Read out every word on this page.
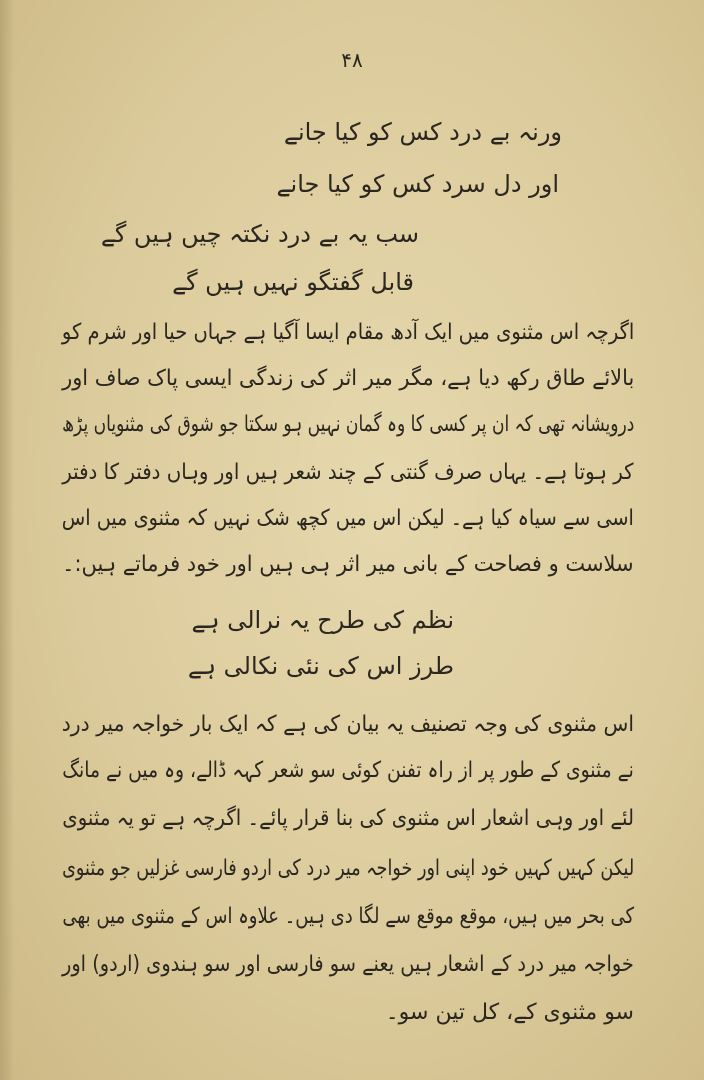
۴۸
ورنہ بے درد کس کو کیا جانے
اور دل سرد کس کو کیا جانے
سب یہ بے درد نکتہ چیں ہیں گے
قابل گفتگو نہیں ہیں گے
اگرچہ اس مثنوی میں ایک آدھ مقام ایسا آگیا ہے جہاں حیا اور شرم کو
بالائے طاق رکھ دیا ہے، مگر میر اثر کی زندگی ایسی پاک صاف اور
درویشانہ تھی کہ ان پر کسی کا وہ گمان نہیں ہو سکتا جو شوق کی مثنویاں پڑھ
کر ہوتا ہے۔ یہاں صرف گنتی کے چند شعر ہیں اور وہاں دفتر کا دفتر
اسی سے سیاہ کیا ہے۔ لیکن اس میں کچھ شک نہیں کہ مثنوی میں اس
سلاست و فصاحت کے بانی میر اثر ہی ہیں اور خود فرماتے ہیں:۔
نظم کی طرح یہ نرالی ہے
طرز اس کی نئی نکالی ہے
اس مثنوی کی وجہ تصنیف یہ بیان کی ہے کہ ایک بار خواجہ میر درد
نے مثنوی کے طور پر از راہ تفنن کوئی سو شعر کہہ ڈالے، وہ میں نے مانگ
لئے اور وہی اشعار اس مثنوی کی بنا قرار پائے۔ اگرچہ ہے تو یہ مثنوی
لیکن کہیں کہیں خود اپنی اور خواجہ میر درد کی اردو فارسی غزلیں جو مثنوی
کی بحر میں ہیں، موقع موقع سے لگا دی ہیں۔ علاوہ اس کے مثنوی میں بھی
خواجہ میر درد کے اشعار ہیں یعنے سو فارسی اور سو ہندوی (اردو) اور
سو مثنوی کے، کل تین سو۔
